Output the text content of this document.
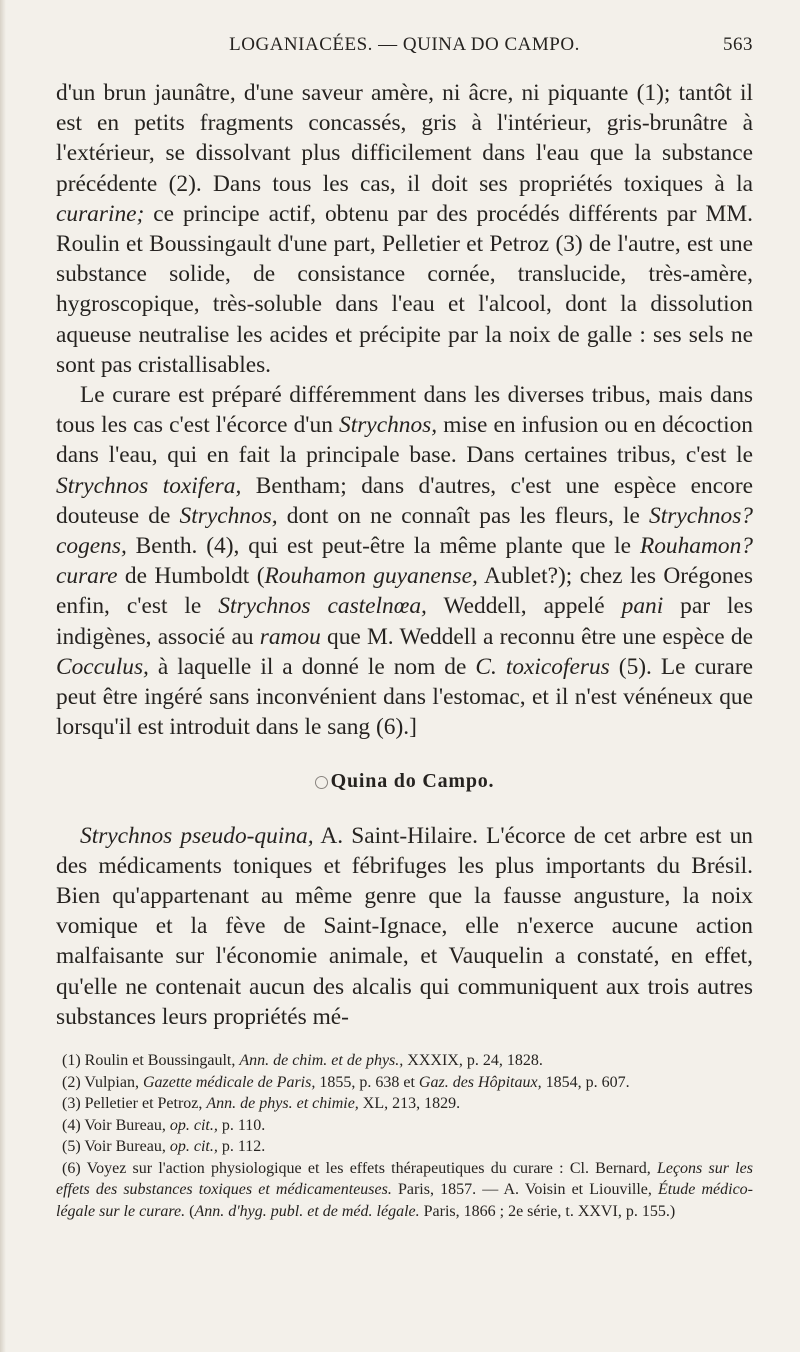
LOGANIACÉES. — QUINA DO CAMPO.	563

d'un brun jaunâtre, d'une saveur amère, ni âcre, ni piquante (1); tantôt il est en petits fragments concassés, gris à l'intérieur, gris-brunâtre à l'extérieur, se dissolvant plus difficilement dans l'eau que la substance précédente (2). Dans tous les cas, il doit ses propriétés toxiques à la curarine; ce principe actif, obtenu par des procédés différents par MM. Roulin et Boussingault d'une part, Pelletier et Petroz (3) de l'autre, est une substance solide, de consistance cornée, translucide, très-amère, hygroscopique, très-soluble dans l'eau et l'alcool, dont la dissolution aqueuse neutralise les acides et précipite par la noix de galle : ses sels ne sont pas cristallisables.

Le curare est préparé différemment dans les diverses tribus, mais dans tous les cas c'est l'écorce d'un Strychnos, mise en infusion ou en décoction dans l'eau, qui en fait la principale base. Dans certaines tribus, c'est le Strychnos toxifera, Bentham; dans d'autres, c'est une espèce encore douteuse de Strychnos, dont on ne connaît pas les fleurs, le Strychnos? cogens, Benth. (4), qui est peut-être la même plante que le Rouhamon? curare de Humboldt (Rouhamon guyanense, Aublet?); chez les Orégones enfin, c'est le Strychnos castelnœa, Weddell, appelé pani par les indigènes, associé au ramou que M. Weddell a reconnu être une espèce de Cocculus, à laquelle il a donné le nom de C. toxicoferus (5). Le curare peut être ingéré sans inconvénient dans l'estomac, et il n'est vénéneux que lorsqu'il est introduit dans le sang (6).]

Quina do Campo.

Strychnos pseudo-quina, A. Saint-Hilaire. L'écorce de cet arbre est un des médicaments toniques et fébrifuges les plus importants du Brésil. Bien qu'appartenant au même genre que la fausse angusture, la noix vomique et la fève de Saint-Ignace, elle n'exerce aucune action malfaisante sur l'économie animale, et Vauquelin a constaté, en effet, qu'elle ne contenait aucun des alcalis qui communiquent aux trois autres substances leurs propriétés mé-

(1) Roulin et Boussingault, Ann. de chim. et de phys., XXXIX, p. 24, 1828.

(2) Vulpian, Gazette médicale de Paris, 1855, p. 638 et Gaz. des Hôpitaux, 1854, p. 607.

(3) Pelletier et Petroz, Ann. de phys. et chimie, XL, 213, 1829.

(4) Voir Bureau, op. cit., p. 110.

(5) Voir Bureau, op. cit., p. 112.

(6) Voyez sur l'action physiologique et les effets thérapeutiques du curare : Cl. Bernard, Leçons sur les effets des substances toxiques et médicamenteuses. Paris, 1857. — A. Voisin et Liouville, Étude médico-légale sur le curare. (Ann. d'hyg. publ. et de méd. légale. Paris, 1866 ; 2e série, t. XXVI, p. 155.)
